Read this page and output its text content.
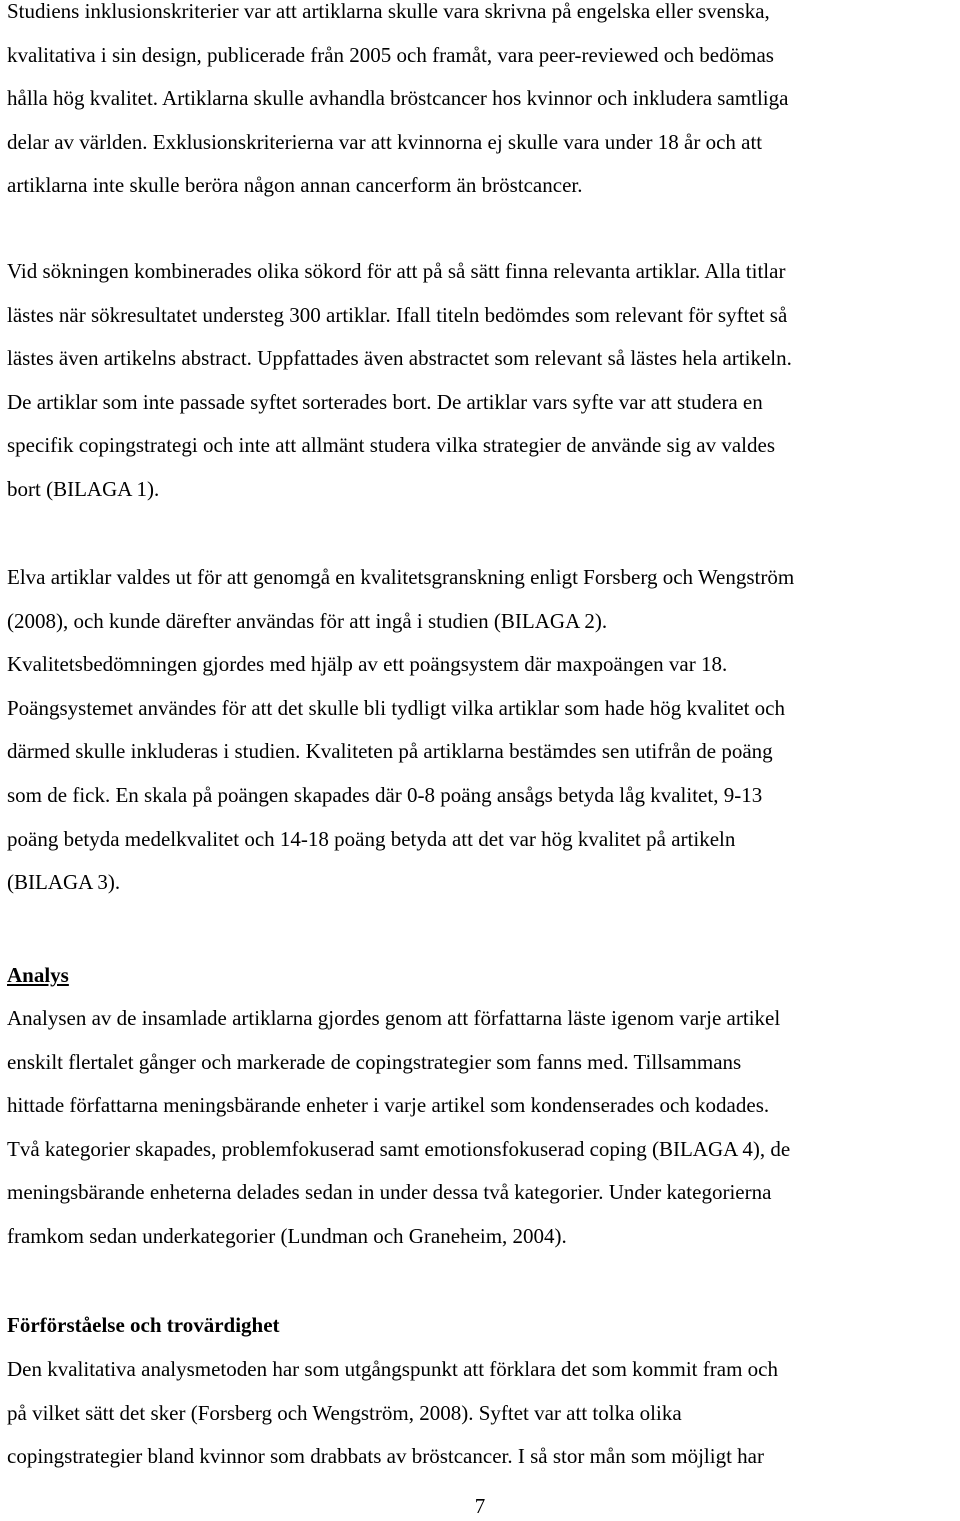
Studiens inklusionskriterier var att artiklarna skulle vara skrivna på engelska eller svenska,
kvalitativa i sin design, publicerade från 2005 och framåt, vara peer-reviewed och bedömas
hålla hög kvalitet. Artiklarna skulle avhandla bröstcancer hos kvinnor och inkludera samtliga
delar av världen. Exklusionskriterierna var att kvinnorna ej skulle vara under 18 år och att
artiklarna inte skulle beröra någon annan cancerform än bröstcancer.

Vid sökningen kombinerades olika sökord för att på så sätt finna relevanta artiklar. Alla titlar
lästes när sökresultatet understeg 300 artiklar. Ifall titeln bedömdes som relevant för syftet så
lästes även artikelns abstract. Uppfattades även abstractet som relevant så lästes hela artikeln.
De artiklar som inte passade syftet sorterades bort. De artiklar vars syfte var att studera en
specifik copingstrategi och inte att allmänt studera vilka strategier de använde sig av valdes
bort (BILAGA 1).

Elva artiklar valdes ut för att genomgå en kvalitetsgranskning enligt Forsberg och Wengström
(2008), och kunde därefter användas för att ingå i studien (BILAGA 2).
Kvalitetsbedömningen gjordes med hjälp av ett poängsystem där maxpoängen var 18.
Poängsystemet användes för att det skulle bli tydligt vilka artiklar som hade hög kvalitet och
därmed skulle inkluderas i studien. Kvaliteten på artiklarna bestämdes sen utifrån de poäng
som de fick. En skala på poängen skapades där 0-8 poäng ansågs betyda låg kvalitet, 9-13
poäng betyda medelkvalitet och 14-18 poäng betyda att det var hög kvalitet på artikeln
(BILAGA 3).

Analys

Analysen av de insamlade artiklarna gjordes genom att författarna läste igenom varje artikel
enskilt flertalet gånger och markerade de copingstrategier som fanns med. Tillsammans
hittade författarna meningsbärande enheter i varje artikel som kondenserades och kodades.
Två kategorier skapades, problemfokuserad samt emotionsfokuserad coping (BILAGA 4), de
meningsbärande enheterna delades sedan in under dessa två kategorier. Under kategorierna
framkom sedan underkategorier (Lundman och Graneheim, 2004).

Förförståelse och trovärdighet

Den kvalitativa analysmetoden har som utgångspunkt att förklara det som kommit fram och
på vilket sätt det sker (Forsberg och Wengström, 2008). Syftet var att tolka olika
copingstrategier bland kvinnor som drabbats av bröstcancer. I så stor mån som möjligt har

7
